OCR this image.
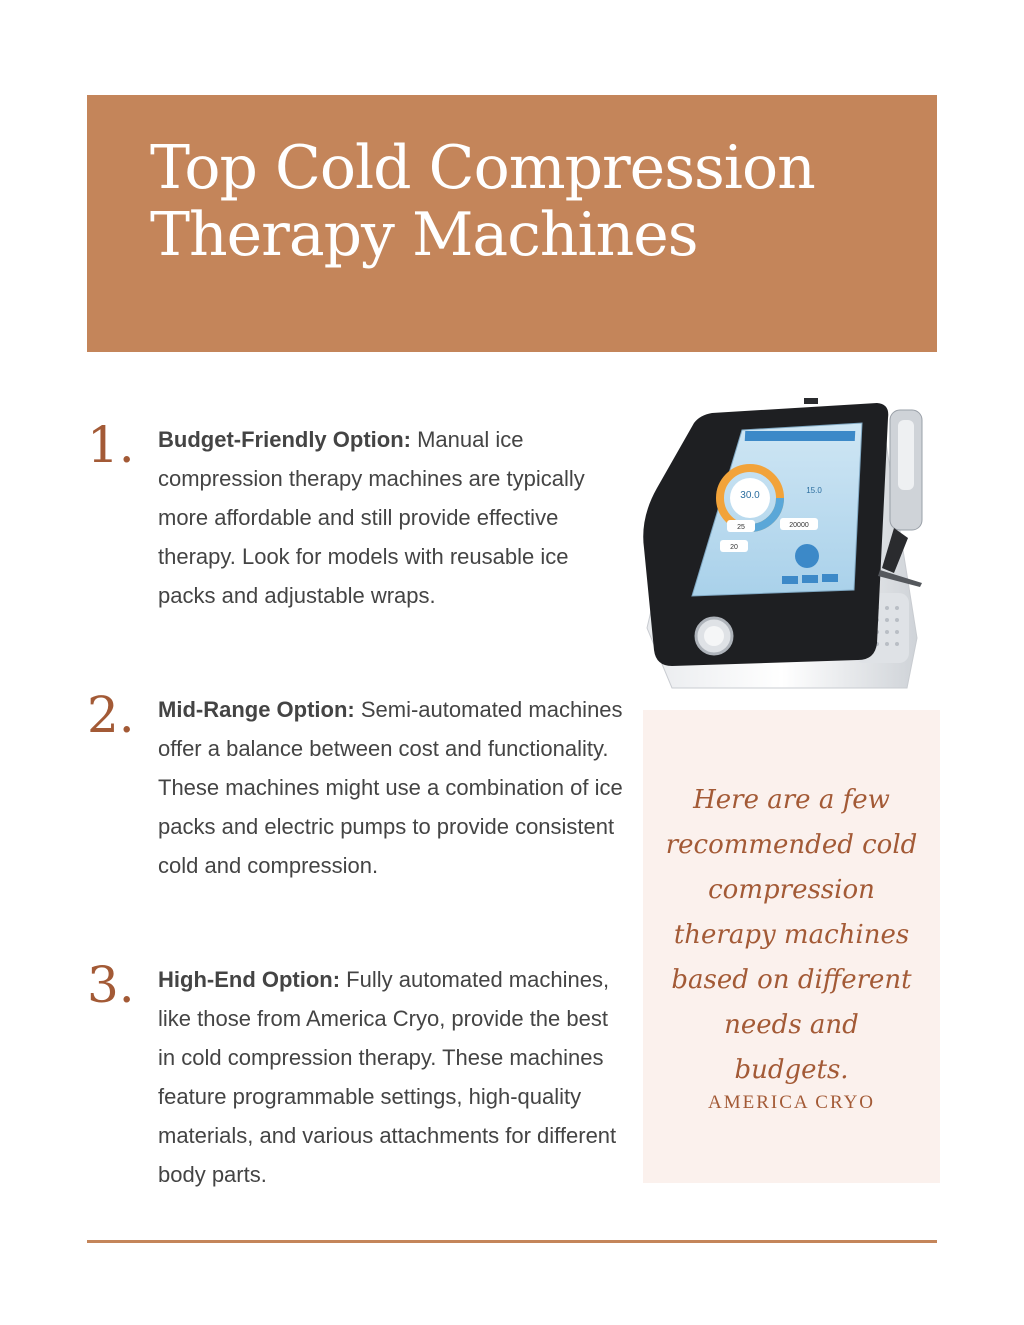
Top Cold Compression Therapy Machines
1. Budget-Friendly Option: Manual ice compression therapy machines are typically more affordable and still provide effective therapy. Look for models with reusable ice packs and adjustable wraps.
2. Mid-Range Option: Semi-automated machines offer a balance between cost and functionality. These machines might use a combination of ice packs and electric pumps to provide consistent cold and compression.
3. High-End Option: Fully automated machines, like those from America Cryo, provide the best in cold compression therapy. These machines feature programmable settings, high-quality materials, and various attachments for different body parts.
30.0	15.0
25	20000
20
Here are a few recommended cold compression therapy machines based on different needs and budgets.
AMERICA CRYO
